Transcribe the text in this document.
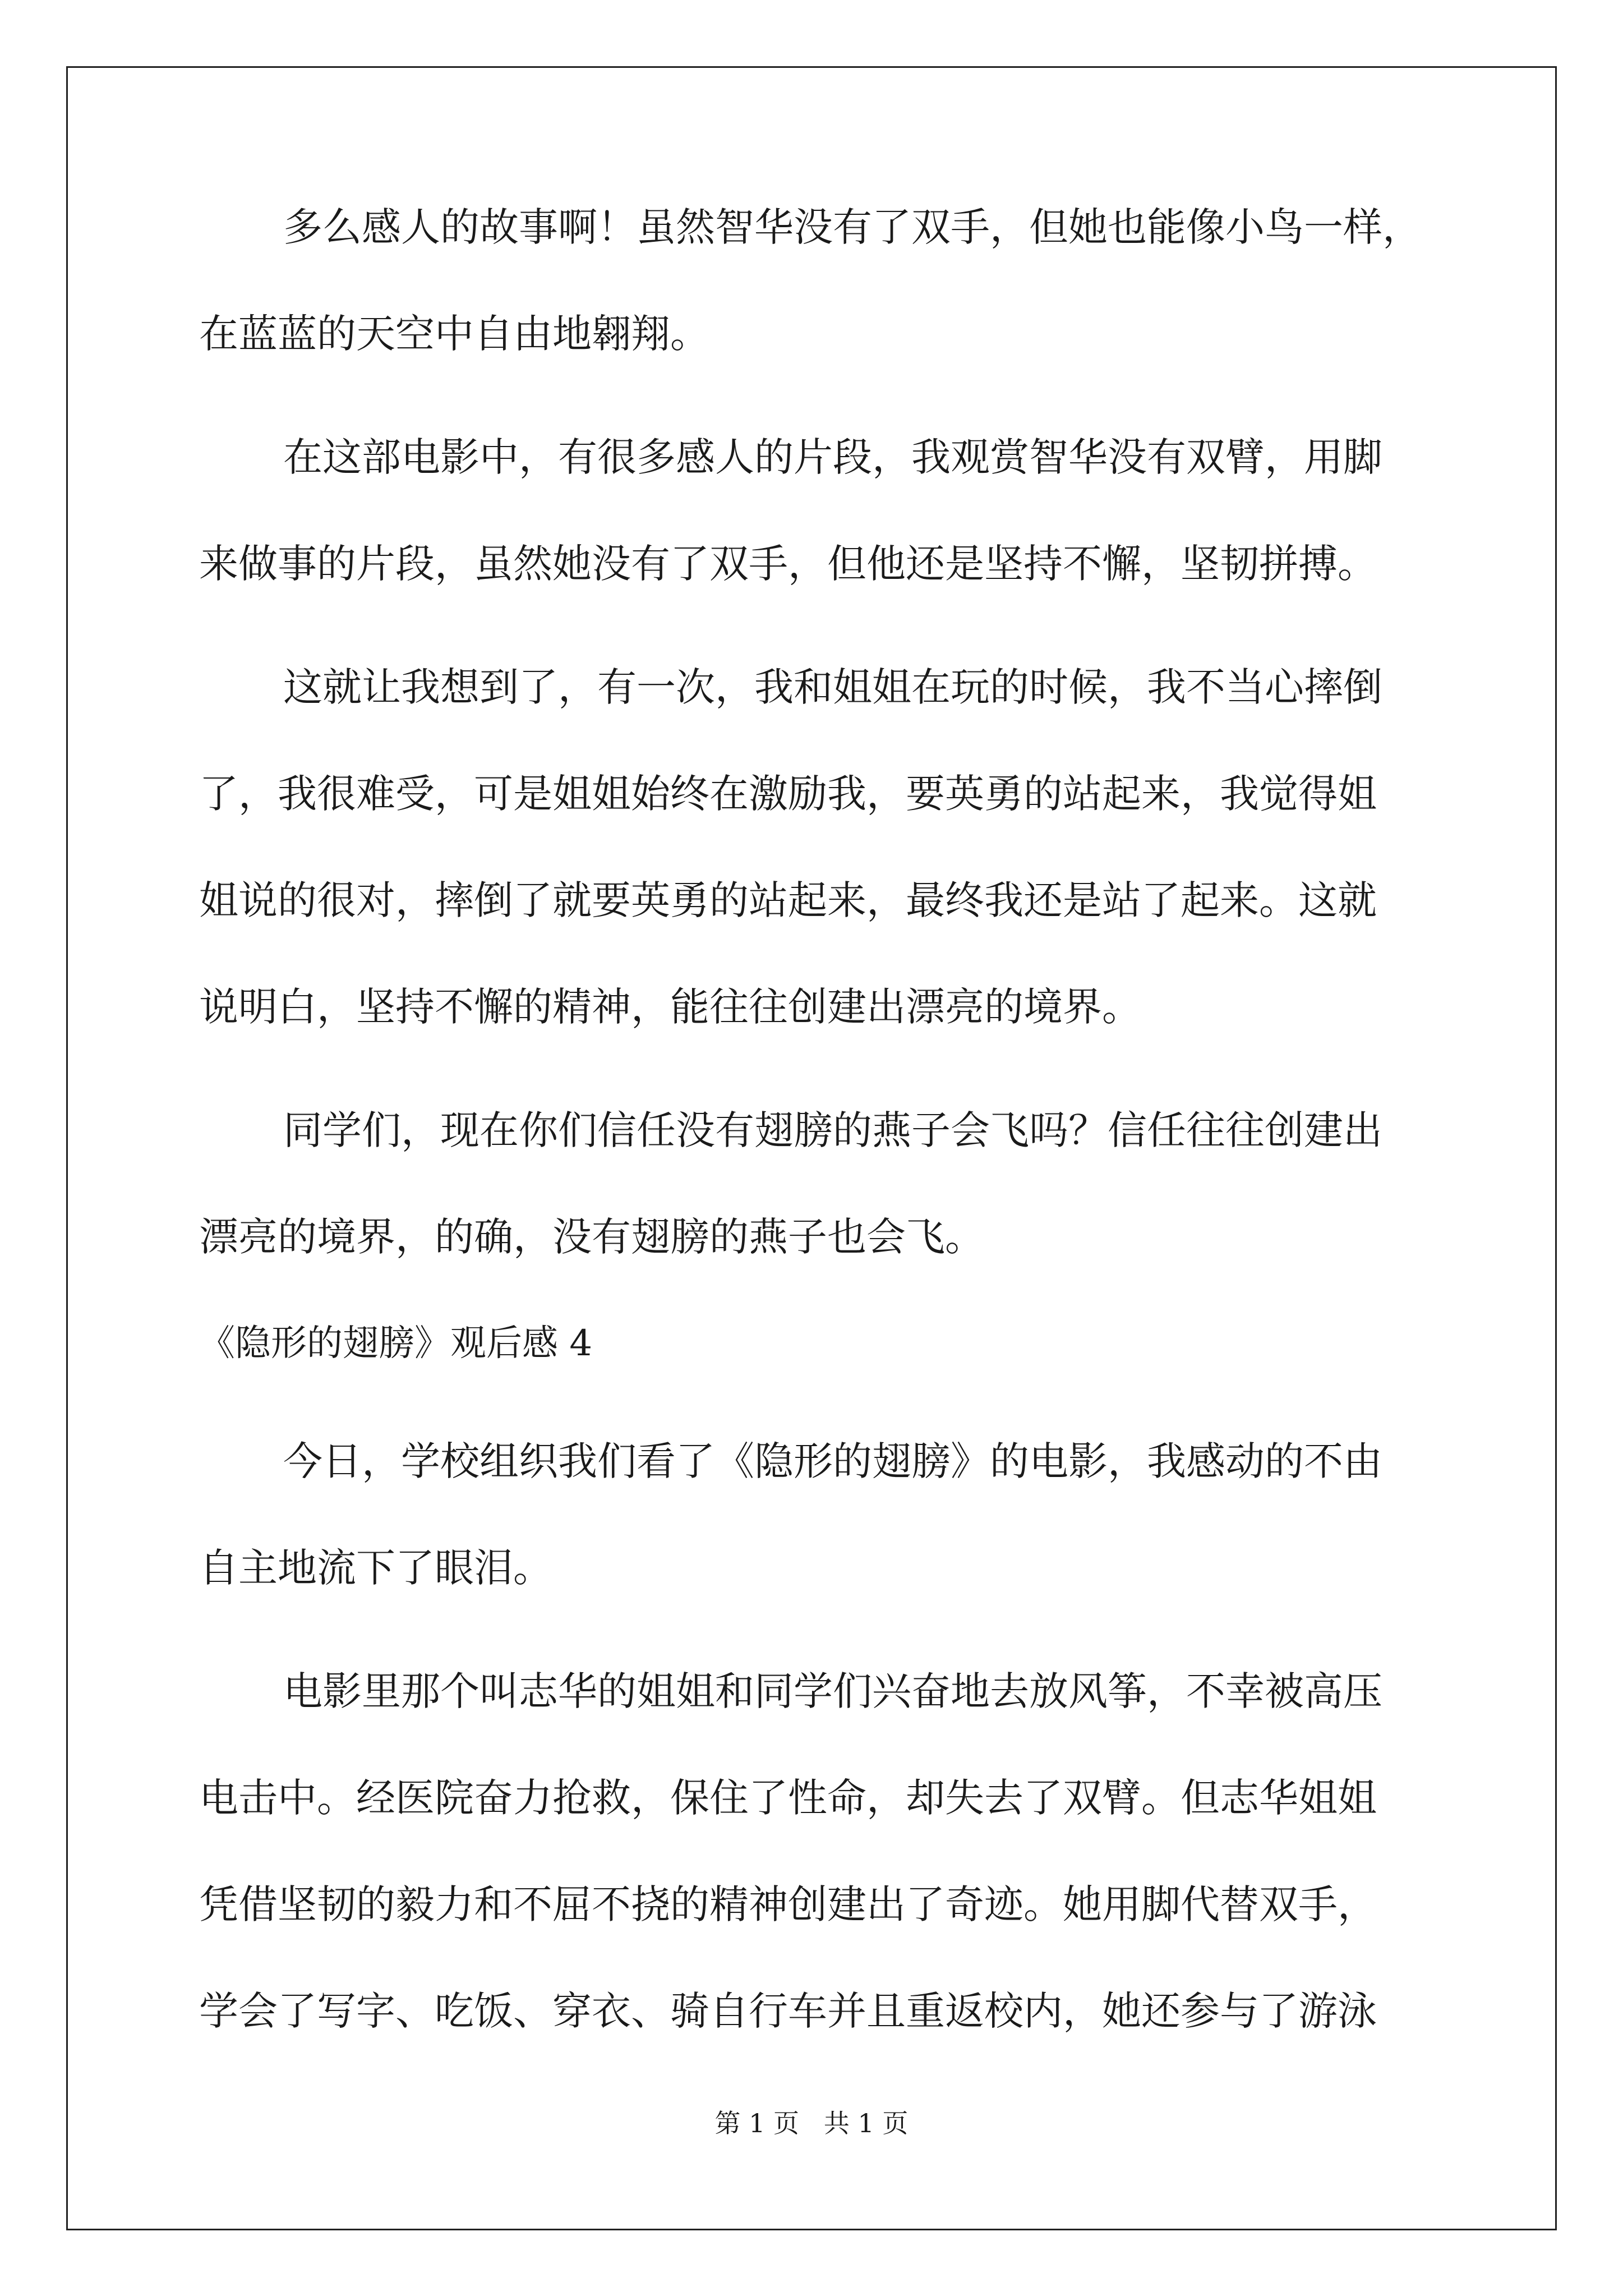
多么感人的故事啊！虽然智华没有了双手，但她也能像小鸟一样，
在蓝蓝的天空中自由地翱翔。
在这部电影中，有很多感人的片段，我观赏智华没有双臂，用脚
来做事的片段，虽然她没有了双手，但他还是坚持不懈，坚韧拼搏。
这就让我想到了，有一次，我和姐姐在玩的时候，我不当心摔倒
了，我很难受，可是姐姐始终在激励我，要英勇的站起来，我觉得姐
姐说的很对，摔倒了就要英勇的站起来，最终我还是站了起来。这就
说明白，坚持不懈的精神，能往往创建出漂亮的境界。
同学们，现在你们信任没有翅膀的燕子会飞吗？信任往往创建出
漂亮的境界，的确，没有翅膀的燕子也会飞。
《隐形的翅膀》观后感 4
今日，学校组织我们看了《隐形的翅膀》的电影，我感动的不由
自主地流下了眼泪。
电影里那个叫志华的姐姐和同学们兴奋地去放风筝，不幸被高压
电击中。经医院奋力抢救，保住了性命，却失去了双臂。但志华姐姐
凭借坚韧的毅力和不屈不挠的精神创建出了奇迹。她用脚代替双手，
学会了写字、吃饭、穿衣、骑自行车并且重返校内，她还参与了游泳
第 1 页   共 1 页
